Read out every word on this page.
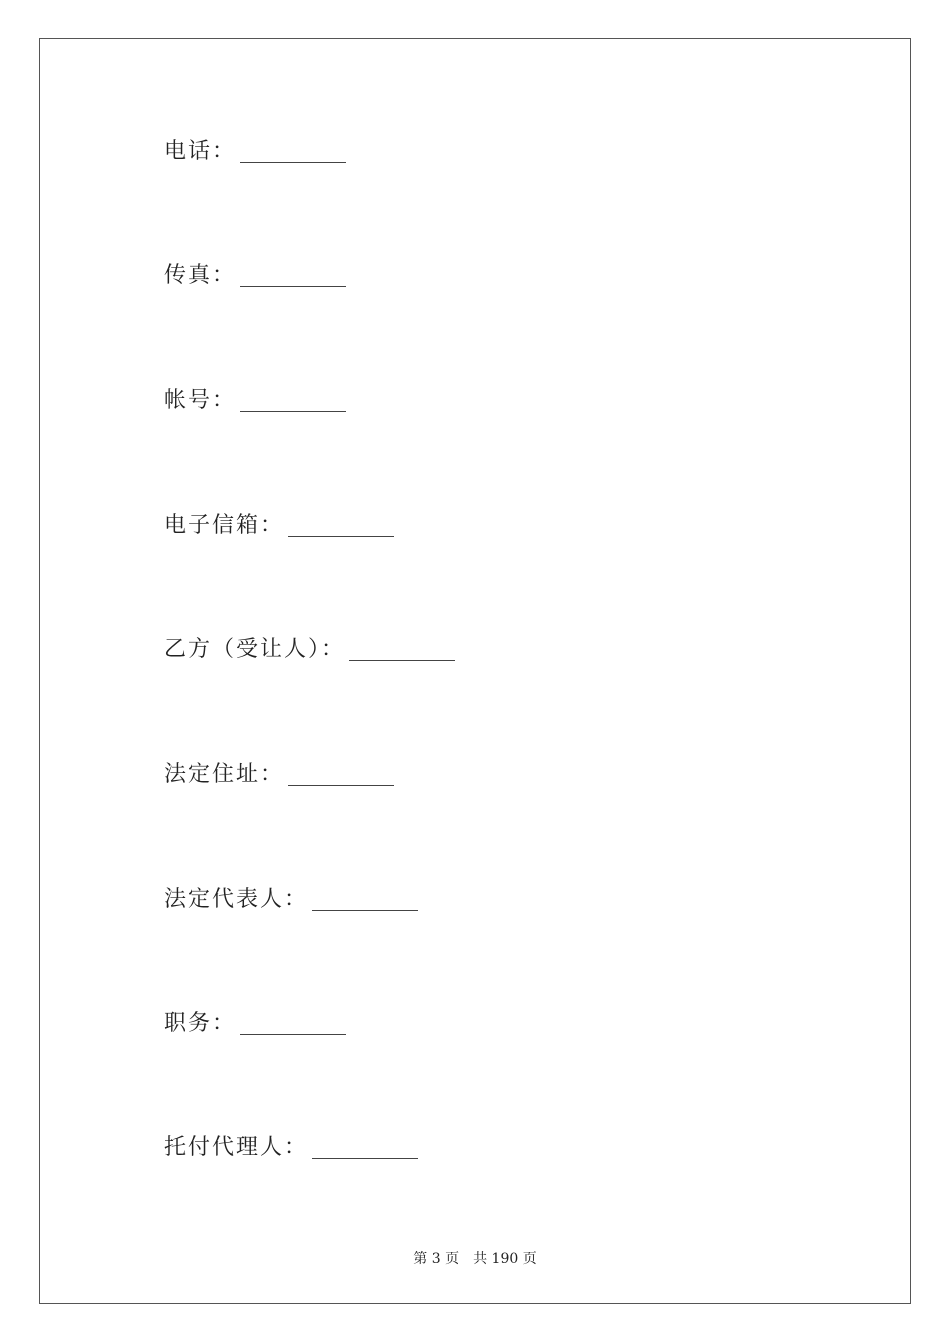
电话：
传真：
帐号：
电子信箱：
乙方（受让人）：
法定住址：
法定代表人：
职务：
托付代理人：
第 3 页　共 190 页
